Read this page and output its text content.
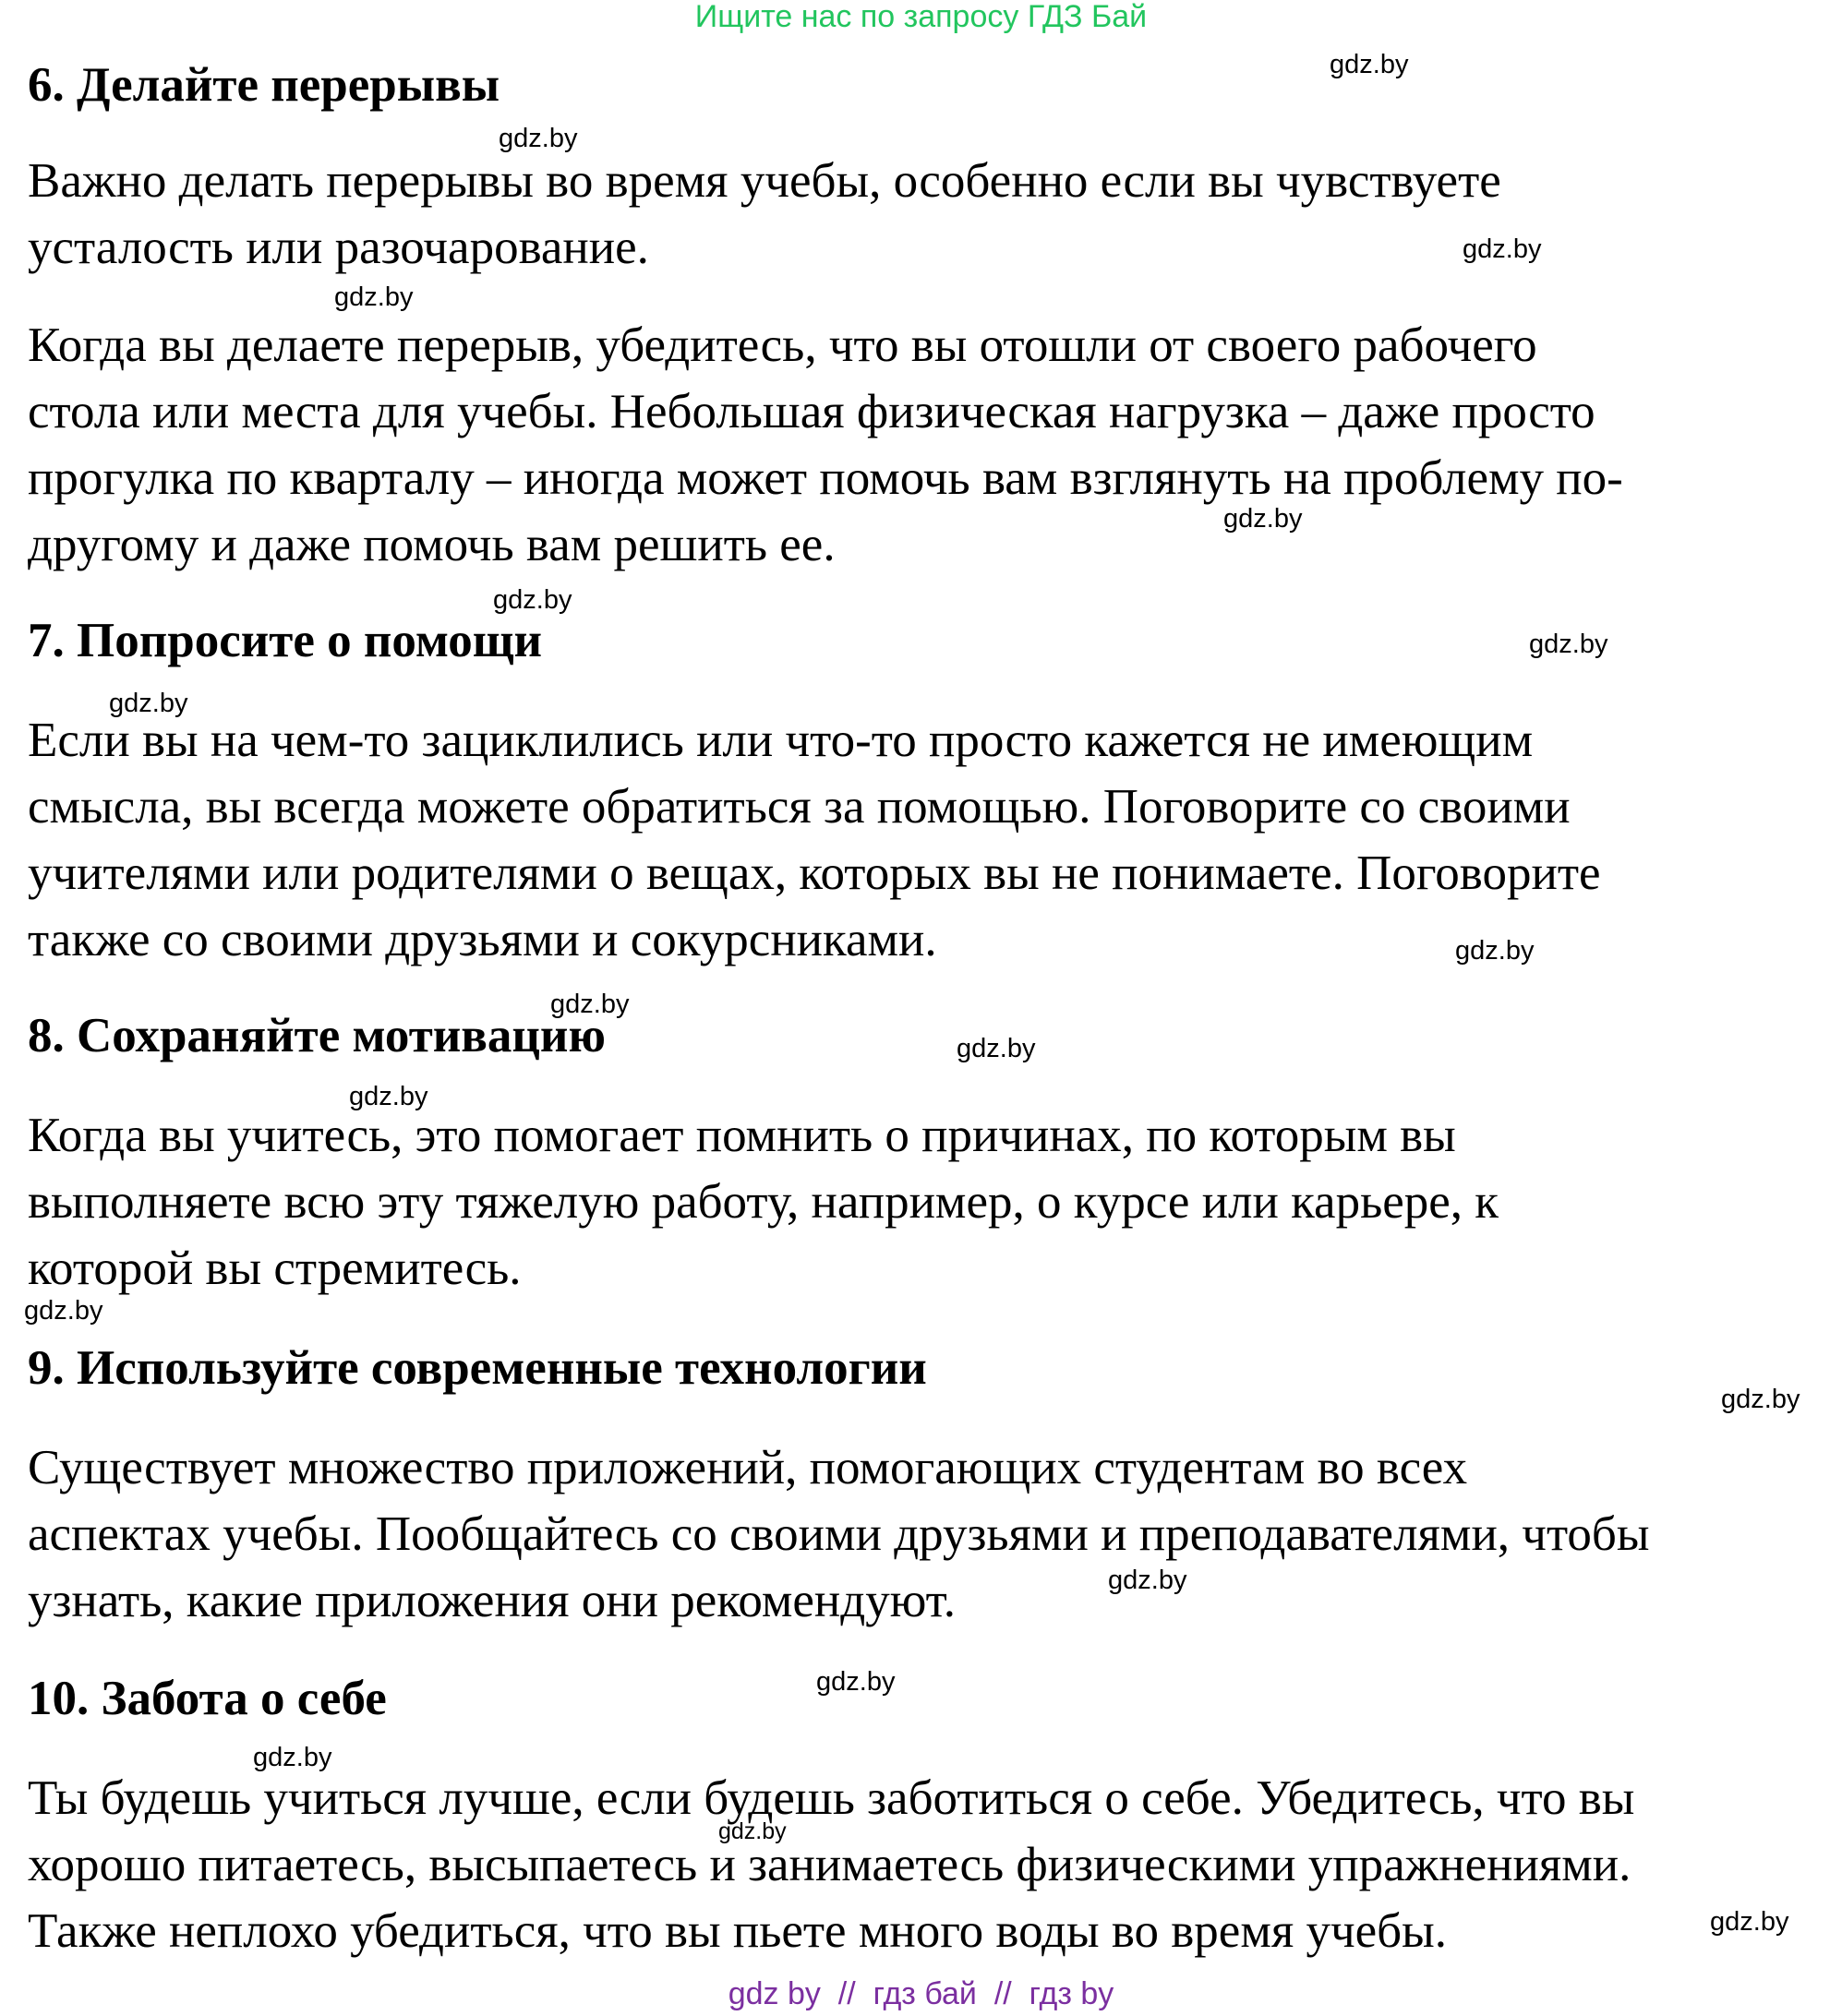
Ищите нас по запросу ГДЗ Бай
6. Делайте перерывы

Важно делать перерывы во время учебы, особенно если вы чувствуете
усталость или разочарование.

Когда вы делаете перерыв, убедитесь, что вы отошли от своего рабочего
стола или места для учебы. Небольшая физическая нагрузка – даже просто
прогулка по кварталу – иногда может помочь вам взглянуть на проблему по-
другому и даже помочь вам решить ее.

7. Попросите о помощи

Если вы на чем-то зациклились или что-то просто кажется не имеющим
смысла, вы всегда можете обратиться за помощью. Поговорите со своими
учителями или родителями о вещах, которых вы не понимаете. Поговорите
также со своими друзьями и сокурсниками.

8. Сохраняйте мотивацию

Когда вы учитесь, это помогает помнить о причинах, по которым вы
выполняете всю эту тяжелую работу, например, о курсе или карьере, к
которой вы стремитесь.

9. Используйте современные технологии

Существует множество приложений, помогающих студентам во всех
аспектах учебы. Пообщайтесь со своими друзьями и преподавателями, чтобы
узнать, какие приложения они рекомендуют.

10. Забота о себе

Ты будешь учиться лучше, если будешь заботиться о себе. Убедитесь, что вы
хорошо питаетесь, высыпаетесь и занимаетесь физическими упражнениями.
Также неплохо убедиться, что вы пьете много воды во время учебы.

gdz.by
gdz.by
gdz.by
gdz.by
gdz.by
gdz.by
gdz.by
gdz.by
gdz.by
gdz.by
gdz.by
gdz.by
gdz.by
gdz.by
gdz.by
gdz.by
gdz.by
gdz.by
gdz.by
gdz by  //  гдз бай  //  гдз by
